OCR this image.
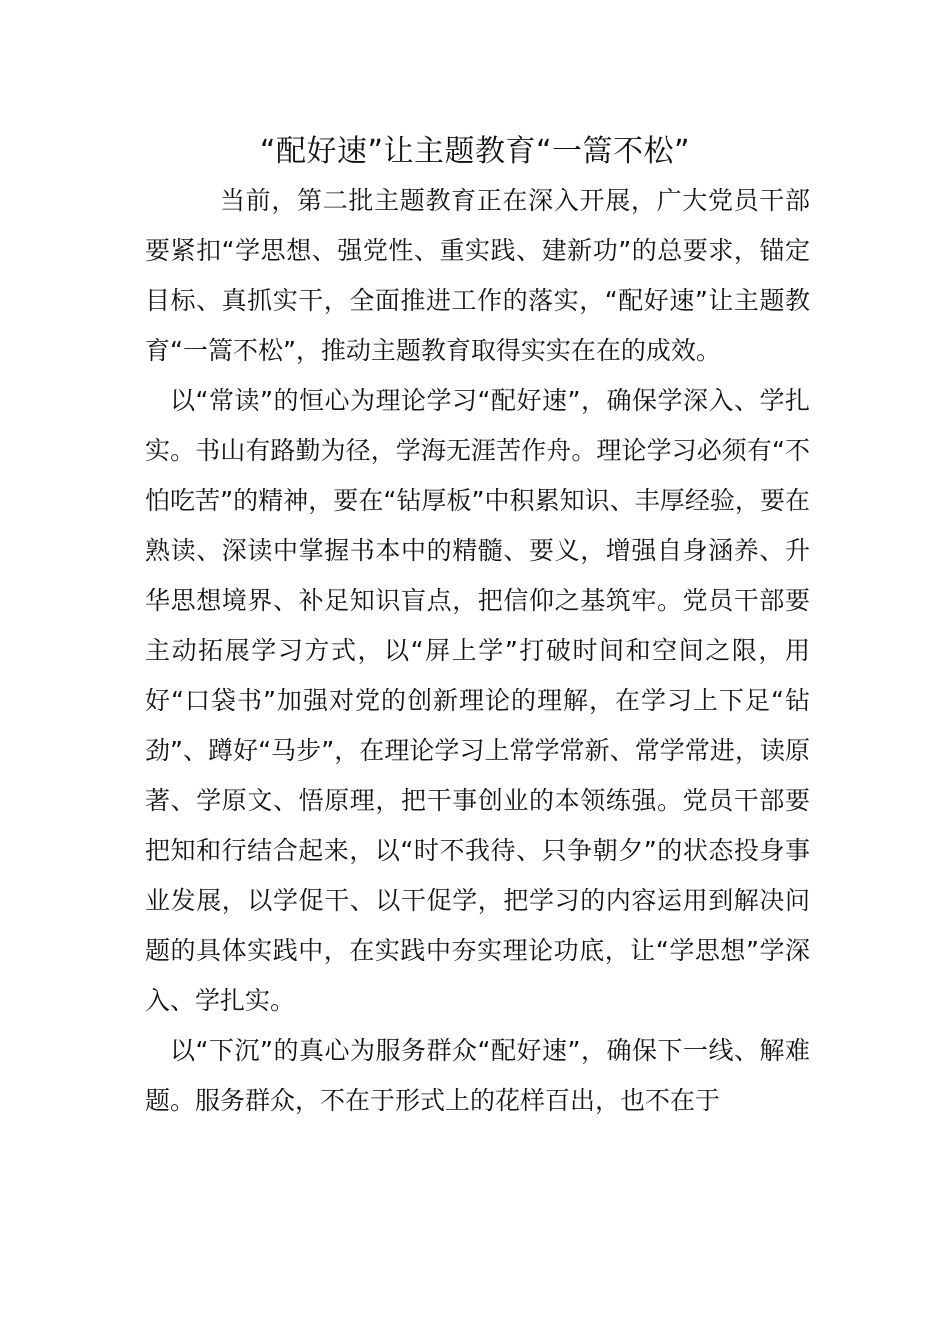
“配好速”让主题教育“一篙不松”

当前，第二批主题教育正在深入开展，广大党员干部要紧扣“学思想、强党性、重实践、建新功”的总要求，锚定目标、真抓实干，全面推进工作的落实，“配好速”让主题教育“一篙不松”，推动主题教育取得实实在在的成效。

以“常读”的恒心为理论学习“配好速”，确保学深入、学扎实。书山有路勤为径，学海无涯苦作舟。理论学习必须有“不怕吃苦”的精神，要在“钻厚板”中积累知识、丰厚经验，要在熟读、深读中掌握书本中的精髓、要义，增强自身涵养、升华思想境界、补足知识盲点，把信仰之基筑牢。党员干部要主动拓展学习方式，以“屏上学”打破时间和空间之限，用好“口袋书”加强对党的创新理论的理解，在学习上下足“钻劲”、蹲好“马步”，在理论学习上常学常新、常学常进，读原著、学原文、悟原理，把干事创业的本领练强。党员干部要把知和行结合起来，以“时不我待、只争朝夕”的状态投身事业发展，以学促干、以干促学，把学习的内容运用到解决问题的具体实践中，在实践中夯实理论功底，让“学思想”学深入、学扎实。

以“下沉”的真心为服务群众“配好速”，确保下一线、解难题。服务群众，不在于形式上的花样百出，也不在于
